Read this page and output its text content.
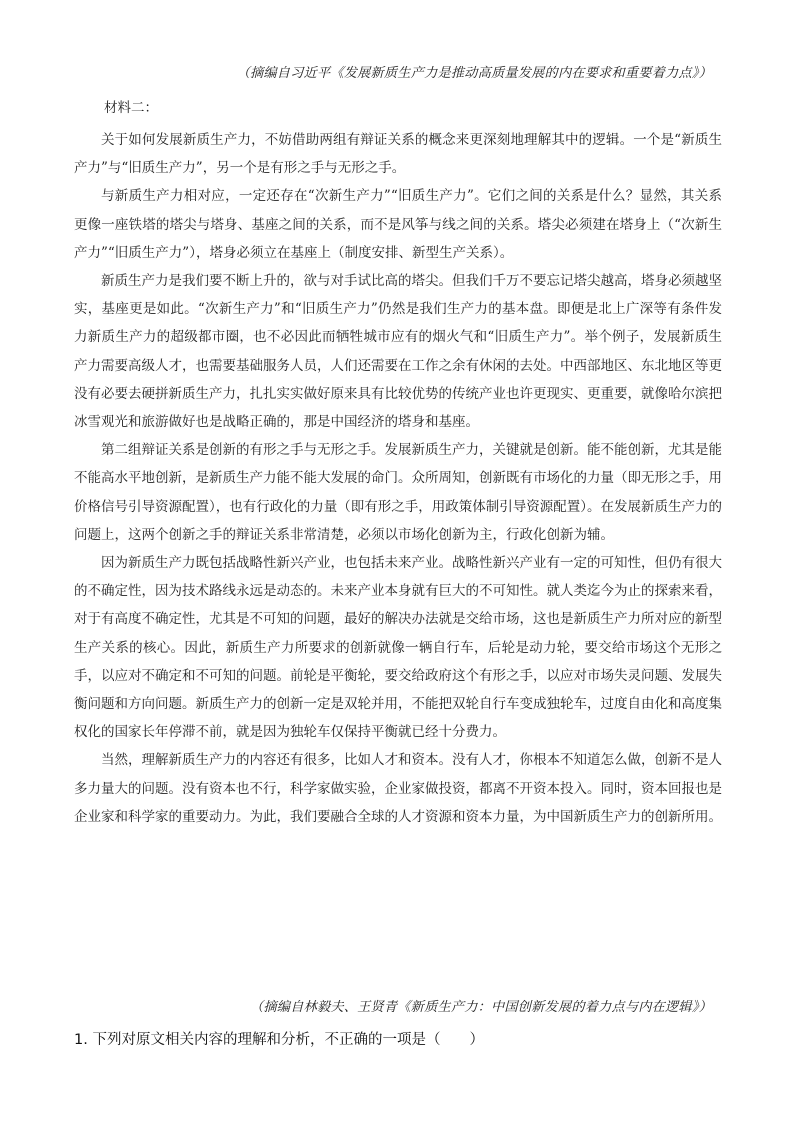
（摘编自习近平《发展新质生产力是推动高质量发展的内在要求和重要着力点》）
材料二：

关于如何发展新质生产力，不妨借助两组有辩证关系的概念来更深刻地理解其中的逻辑。一个是“新质生产力”与“旧质生产力”，另一个是有形之手与无形之手。

与新质生产力相对应，一定还存在“次新生产力”“旧质生产力”。它们之间的关系是什么？显然，其关系更像一座铁塔的塔尖与塔身、基座之间的关系，而不是风筝与线之间的关系。塔尖必须建在塔身上（“次新生产力”“旧质生产力”），塔身必须立在基座上（制度安排、新型生产关系）。

新质生产力是我们要不断上升的，欲与对手试比高的塔尖。但我们千万不要忘记塔尖越高，塔身必须越坚实，基座更是如此。“次新生产力”和“旧质生产力”仍然是我们生产力的基本盘。即便是北上广深等有条件发力新质生产力的超级都市圈，也不必因此而牺牲城市应有的烟火气和“旧质生产力”。举个例子，发展新质生产力需要高级人才，也需要基础服务人员，人们还需要在工作之余有休闲的去处。中西部地区、东北地区等更没有必要去硬拼新质生产力，扎扎实实做好原来具有比较优势的传统产业也许更现实、更重要，就像哈尔滨把冰雪观光和旅游做好也是战略正确的，那是中国经济的塔身和基座。

第二组辩证关系是创新的有形之手与无形之手。发展新质生产力，关键就是创新。能不能创新，尤其是能不能高水平地创新，是新质生产力能不能大发展的命门。众所周知，创新既有市场化的力量（即无形之手，用价格信号引导资源配置），也有行政化的力量（即有形之手，用政策体制引导资源配置）。在发展新质生产力的问题上，这两个创新之手的辩证关系非常清楚，必须以市场化创新为主，行政化创新为辅。

因为新质生产力既包括战略性新兴产业，也包括未来产业。战略性新兴产业有一定的可知性，但仍有很大的不确定性，因为技术路线永远是动态的。未来产业本身就有巨大的不可知性。就人类迄今为止的探索来看，对于有高度不确定性，尤其是不可知的问题，最好的解决办法就是交给市场，这也是新质生产力所对应的新型生产关系的核心。因此，新质生产力所要求的创新就像一辆自行车，后轮是动力轮，要交给市场这个无形之手，以应对不确定和不可知的问题。前轮是平衡轮，要交给政府这个有形之手，以应对市场失灵问题、发展失衡问题和方向问题。新质生产力的创新一定是双轮并用，不能把双轮自行车变成独轮车，过度自由化和高度集权化的国家长年停滞不前，就是因为独轮车仅保持平衡就已经十分费力。

当然，理解新质生产力的内容还有很多，比如人才和资本。没有人才，你根本不知道怎么做，创新不是人多力量大的问题。没有资本也不行，科学家做实验，企业家做投资，都离不开资本投入。同时，资本回报也是企业家和科学家的重要动力。为此，我们要融合全球的人才资源和资本力量，为中国新质生产力的创新所用。

（摘编自林毅夫、王贤青《新质生产力：中国创新发展的着力点与内在逻辑》）
1. 下列对原文相关内容的理解和分析，不正确的一项是（　　）
